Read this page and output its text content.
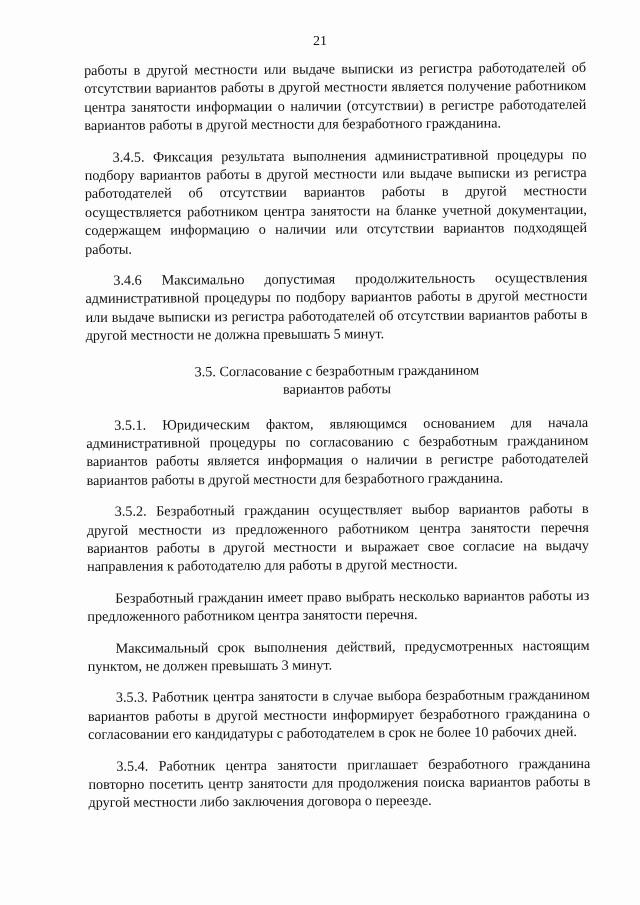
21

работы в другой местности или выдаче выписки из регистра работодателей об отсутствии вариантов работы в другой местности является получение работником центра занятости информации о наличии (отсутствии) в регистре работодателей вариантов работы в другой местности для безработного гражданина.

3.4.5. Фиксация результата выполнения административной процедуры по подбору вариантов работы в другой местности или выдаче выписки из регистра работодателей об отсутствии вариантов работы в другой местности осуществляется работником центра занятости на бланке учетной документации, содержащем информацию о наличии или отсутствии вариантов подходящей работы.

3.4.6 Максимально допустимая продолжительность осуществления административной процедуры по подбору вариантов работы в другой местности или выдаче выписки из регистра работодателей об отсутствии вариантов работы в другой местности не должна превышать 5 минут.

3.5. Согласование с безработным гражданином
вариантов работы

3.5.1. Юридическим фактом, являющимся основанием для начала административной процедуры по согласованию с безработным гражданином вариантов работы является информация о наличии в регистре работодателей вариантов работы в другой местности для безработного гражданина.

3.5.2. Безработный гражданин осуществляет выбор вариантов работы в другой местности из предложенного работником центра занятости перечня вариантов работы в другой местности и выражает свое согласие на выдачу направления к работодателю для работы в другой местности.

Безработный гражданин имеет право выбрать несколько вариантов работы из предложенного работником центра занятости перечня.

Максимальный срок выполнения действий, предусмотренных настоящим пунктом, не должен превышать 3 минут.

3.5.3. Работник центра занятости в случае выбора безработным гражданином вариантов работы в другой местности информирует безработного гражданина о согласовании его кандидатуры с работодателем в срок не более 10 рабочих дней.

3.5.4. Работник центра занятости приглашает безработного гражданина повторно посетить центр занятости для продолжения поиска вариантов работы в другой местности либо заключения договора о переезде.
